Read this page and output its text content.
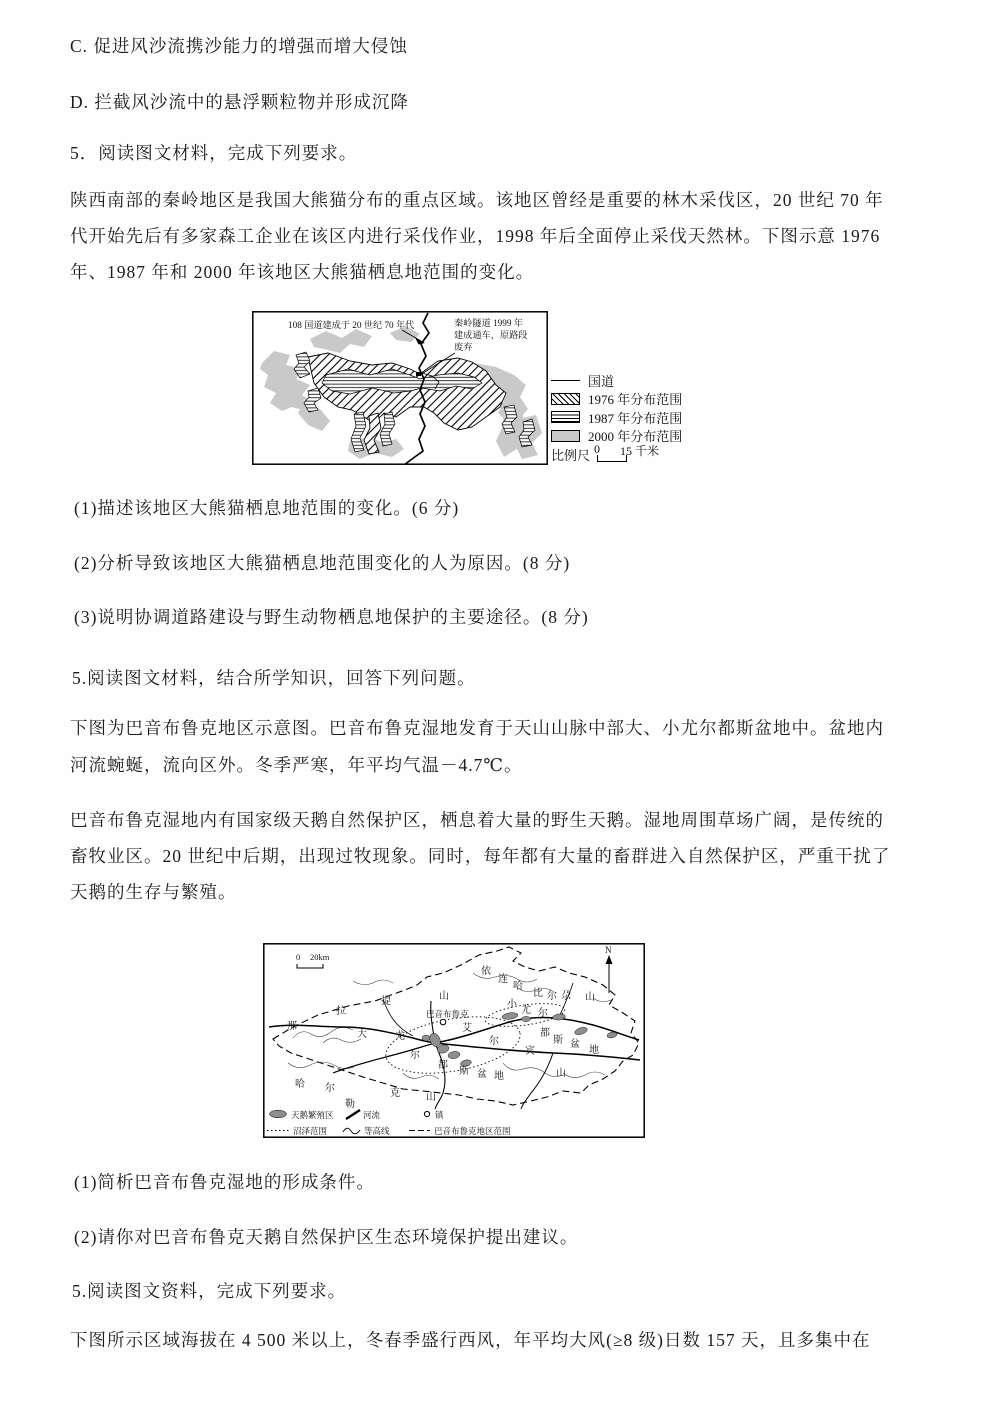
C. 促进风沙流携沙能力的增强而增大侵蚀
D. 拦截风沙流中的悬浮颗粒物并形成沉降
5．阅读图文材料，完成下列要求。
陕西南部的秦岭地区是我国大熊猫分布的重点区域。该地区曾经是重要的林木采伐区，20 世纪 70 年
代开始先后有多家森工企业在该区内进行采伐作业，1998 年后全面停止采伐天然林。下图示意 1976
年、1987 年和 2000 年该地区大熊猫栖息地范围的变化。
(1)描述该地区大熊猫栖息地范围的变化。(6 分)
(2)分析导致该地区大熊猫栖息地范围变化的人为原因。(8 分)
(3)说明协调道路建设与野生动物栖息地保护的主要途径。(8 分)
5.阅读图文材料，结合所学知识，回答下列问题。
下图为巴音布鲁克地区示意图。巴音布鲁克湿地发育于天山山脉中部大、小尤尔都斯盆地中。盆地内
河流蜿蜒，流向区外。冬季严寒，年平均气温－4.7℃。
巴音布鲁克湿地内有国家级天鹅自然保护区，栖息着大量的野生天鹅。湿地周围草场广阔，是传统的
畜牧业区。20 世纪中后期，出现过牧现象。同时，每年都有大量的畜群进入自然保护区，严重干扰了
天鹅的生存与繁殖。
(1)简析巴音布鲁克湿地的形成条件。
(2)请你对巴音布鲁克天鹅自然保护区生态环境保护提出建议。
5.阅读图文资料，完成下列要求。
下图所示区域海拔在 4 500 米以上，冬春季盛行西风，年平均大风(≥8 级)日数 157 天，且多集中在
108 国道建成于 20 世纪 70 年代	秦岭隧道 1999 年
建成通车，原路段
废弃
国道
1976 年分布范围
1987 年分布范围
2000 年分布范围
比例尺 0 15 千米
巴音布鲁克
那
拉
提	山
依
连
哈
比 尔 尕 山
小
尤 尔
都
斯 盆
地
大	尤
尔
都
斯 盆 地
艾
尔
宾
山
哈 尔	克	山
勒
0 20km
N
天鹅繁殖区	河流	镇
沼泽范围	等高线	巴音布鲁克地区范围
